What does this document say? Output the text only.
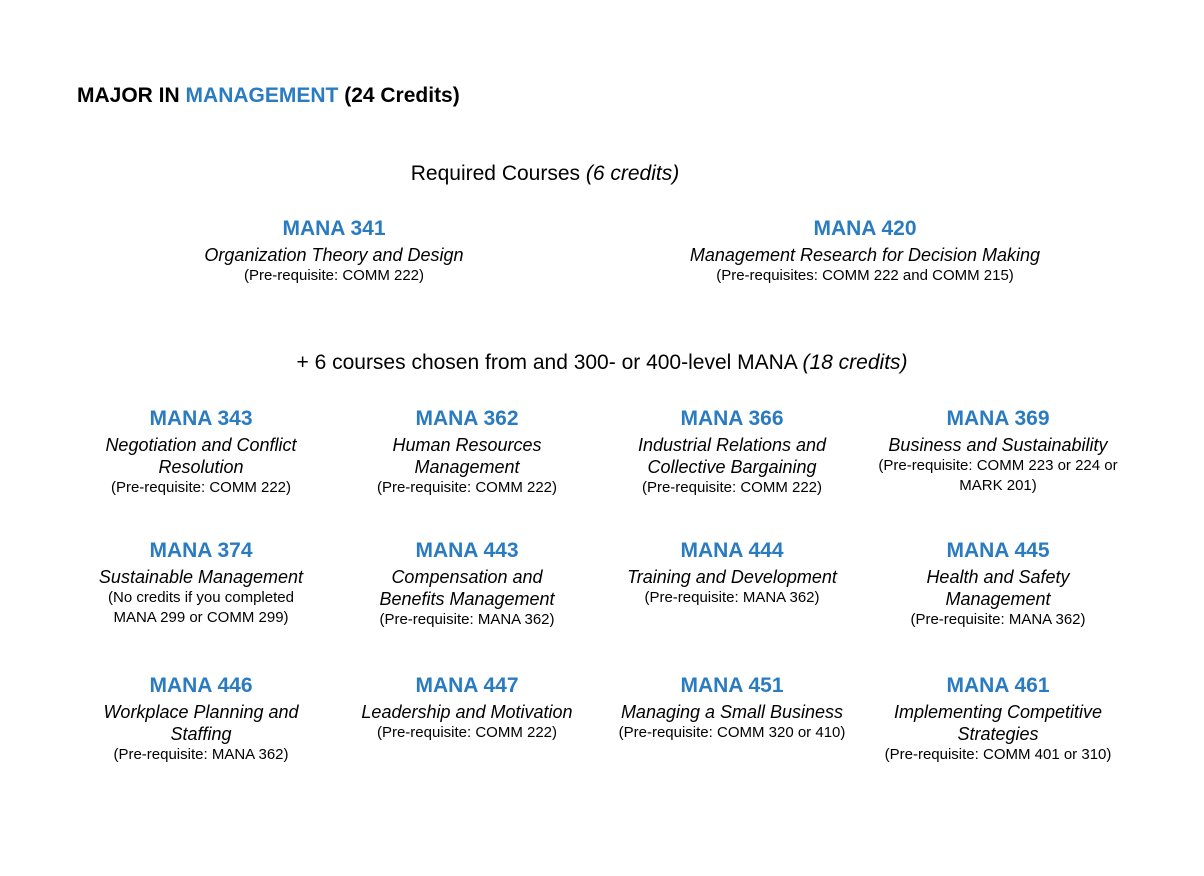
MAJOR IN MANAGEMENT (24 Credits)
Required Courses (6 credits)
MANA 341
Organization Theory and Design
(Pre-requisite: COMM 222)
MANA 420
Management Research for Decision Making
(Pre-requisites: COMM 222 and COMM 215)
+ 6 courses chosen from and 300- or 400-level MANA (18 credits)
MANA 343
Negotiation and Conflict Resolution
(Pre-requisite: COMM 222)
MANA 362
Human Resources Management
(Pre-requisite: COMM 222)
MANA 366
Industrial Relations and Collective Bargaining
(Pre-requisite: COMM 222)
MANA 369
Business and Sustainability
(Pre-requisite: COMM 223 or 224 or MARK 201)
MANA 374
Sustainable Management
(No credits if you completed MANA 299 or COMM 299)
MANA 443
Compensation and Benefits Management
(Pre-requisite: MANA 362)
MANA 444
Training and Development
(Pre-requisite: MANA 362)
MANA 445
Health and Safety Management
(Pre-requisite: MANA 362)
MANA 446
Workplace Planning and Staffing
(Pre-requisite: MANA 362)
MANA 447
Leadership and Motivation
(Pre-requisite: COMM 222)
MANA 451
Managing a Small Business
(Pre-requisite: COMM 320 or 410)
MANA 461
Implementing Competitive Strategies
(Pre-requisite: COMM 401 or 310)
